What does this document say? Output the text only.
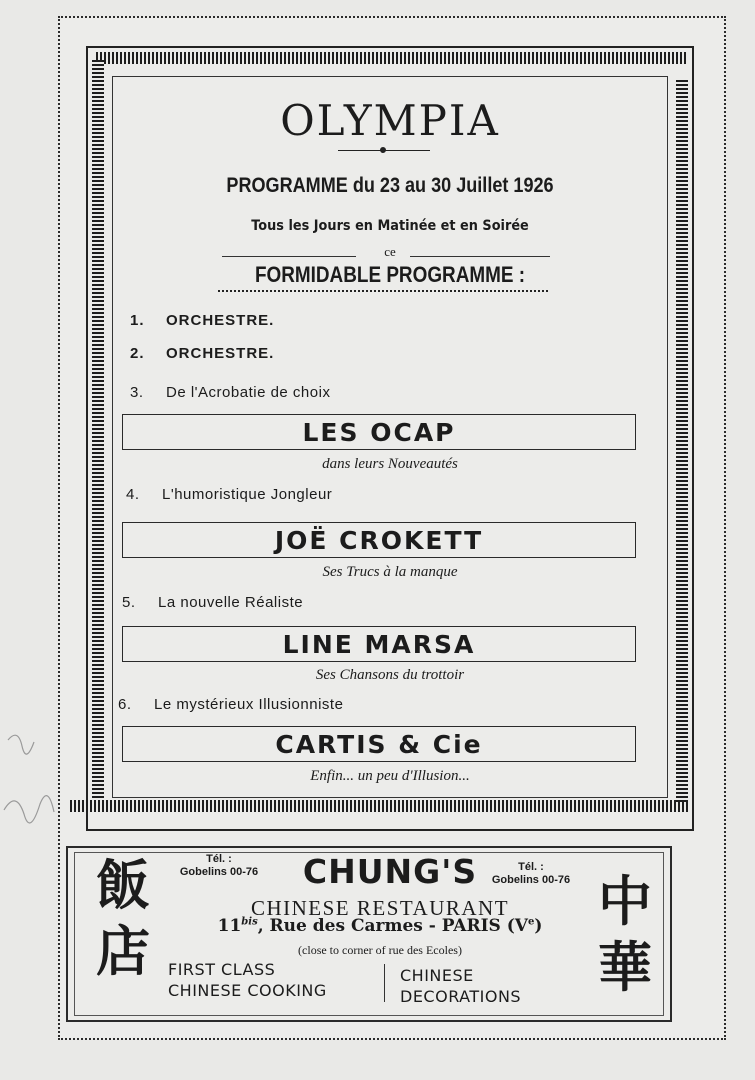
OLYMPIA
PROGRAMME du 23 au 30 Juillet 1926
Tous les Jours en Matinée et en Soirée
ce
FORMIDABLE PROGRAMME :
1. ORCHESTRE.
2. ORCHESTRE.
3. De l'Acrobatie de choix
LES OCAP
dans leurs Nouveautés
4. L'humoristique Jongleur
JOË CROKETT
Ses Trucs à la manque
5. La nouvelle Réaliste
LINE MARSA
Ses Chansons du trottoir
6. Le mystérieux Illusionniste
CARTIS & Cie
Enfin... un peu d'Illusion...
Tél. :
Gobelins 00-76	Tél. :
Gobelins 00-76
CHUNG'S
CHINESE RESTAURANT
$11^{bis}$, Rue des Carmes - PARIS (Ve)
(close to corner of rue des Ecoles)
FIRST CLASS
CHINESE COOKING
CHINESE
DECORATIONS
飯
店
中
華
